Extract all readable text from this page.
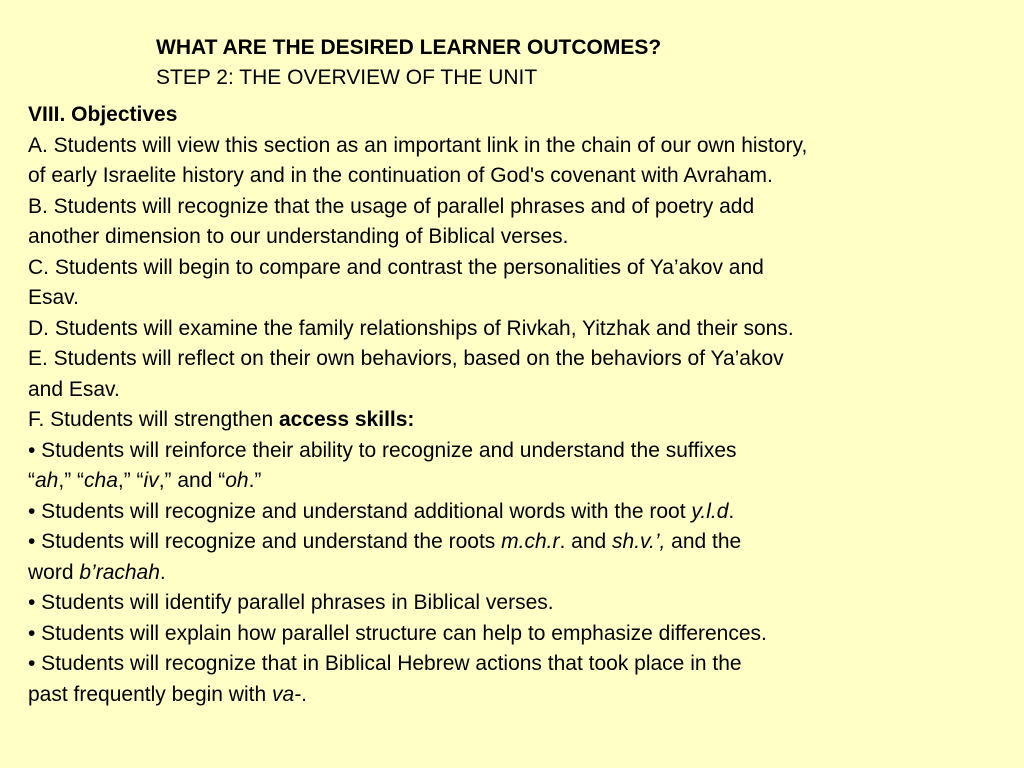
WHAT ARE THE DESIRED LEARNER OUTCOMES?
STEP 2: THE OVERVIEW OF THE UNIT
VIII. Objectives
A. Students will view this section as an important link in the chain of our own history,
of early Israelite history and in the continuation of God's covenant with Avraham.
B. Students will recognize that the usage of parallel phrases and of poetry add
another dimension to our understanding of Biblical verses.
C. Students will begin to compare and contrast the personalities of Ya’akov and
Esav.
D. Students will examine the family relationships of Rivkah, Yitzhak and their sons.
E. Students will reflect on their own behaviors, based on the behaviors of Ya’akov
and Esav.
F. Students will strengthen access skills:
• Students will reinforce their ability to recognize and understand the suffixes
“ah,” “cha,” “iv,” and “oh.”
• Students will recognize and understand additional words with the root y.l.d.
• Students will recognize and understand the roots m.ch.r. and sh.v.’, and the
word b’rachah.
• Students will identify parallel phrases in Biblical verses.
• Students will explain how parallel structure can help to emphasize differences.
• Students will recognize that in Biblical Hebrew actions that took place in the
past frequently begin with va-.
